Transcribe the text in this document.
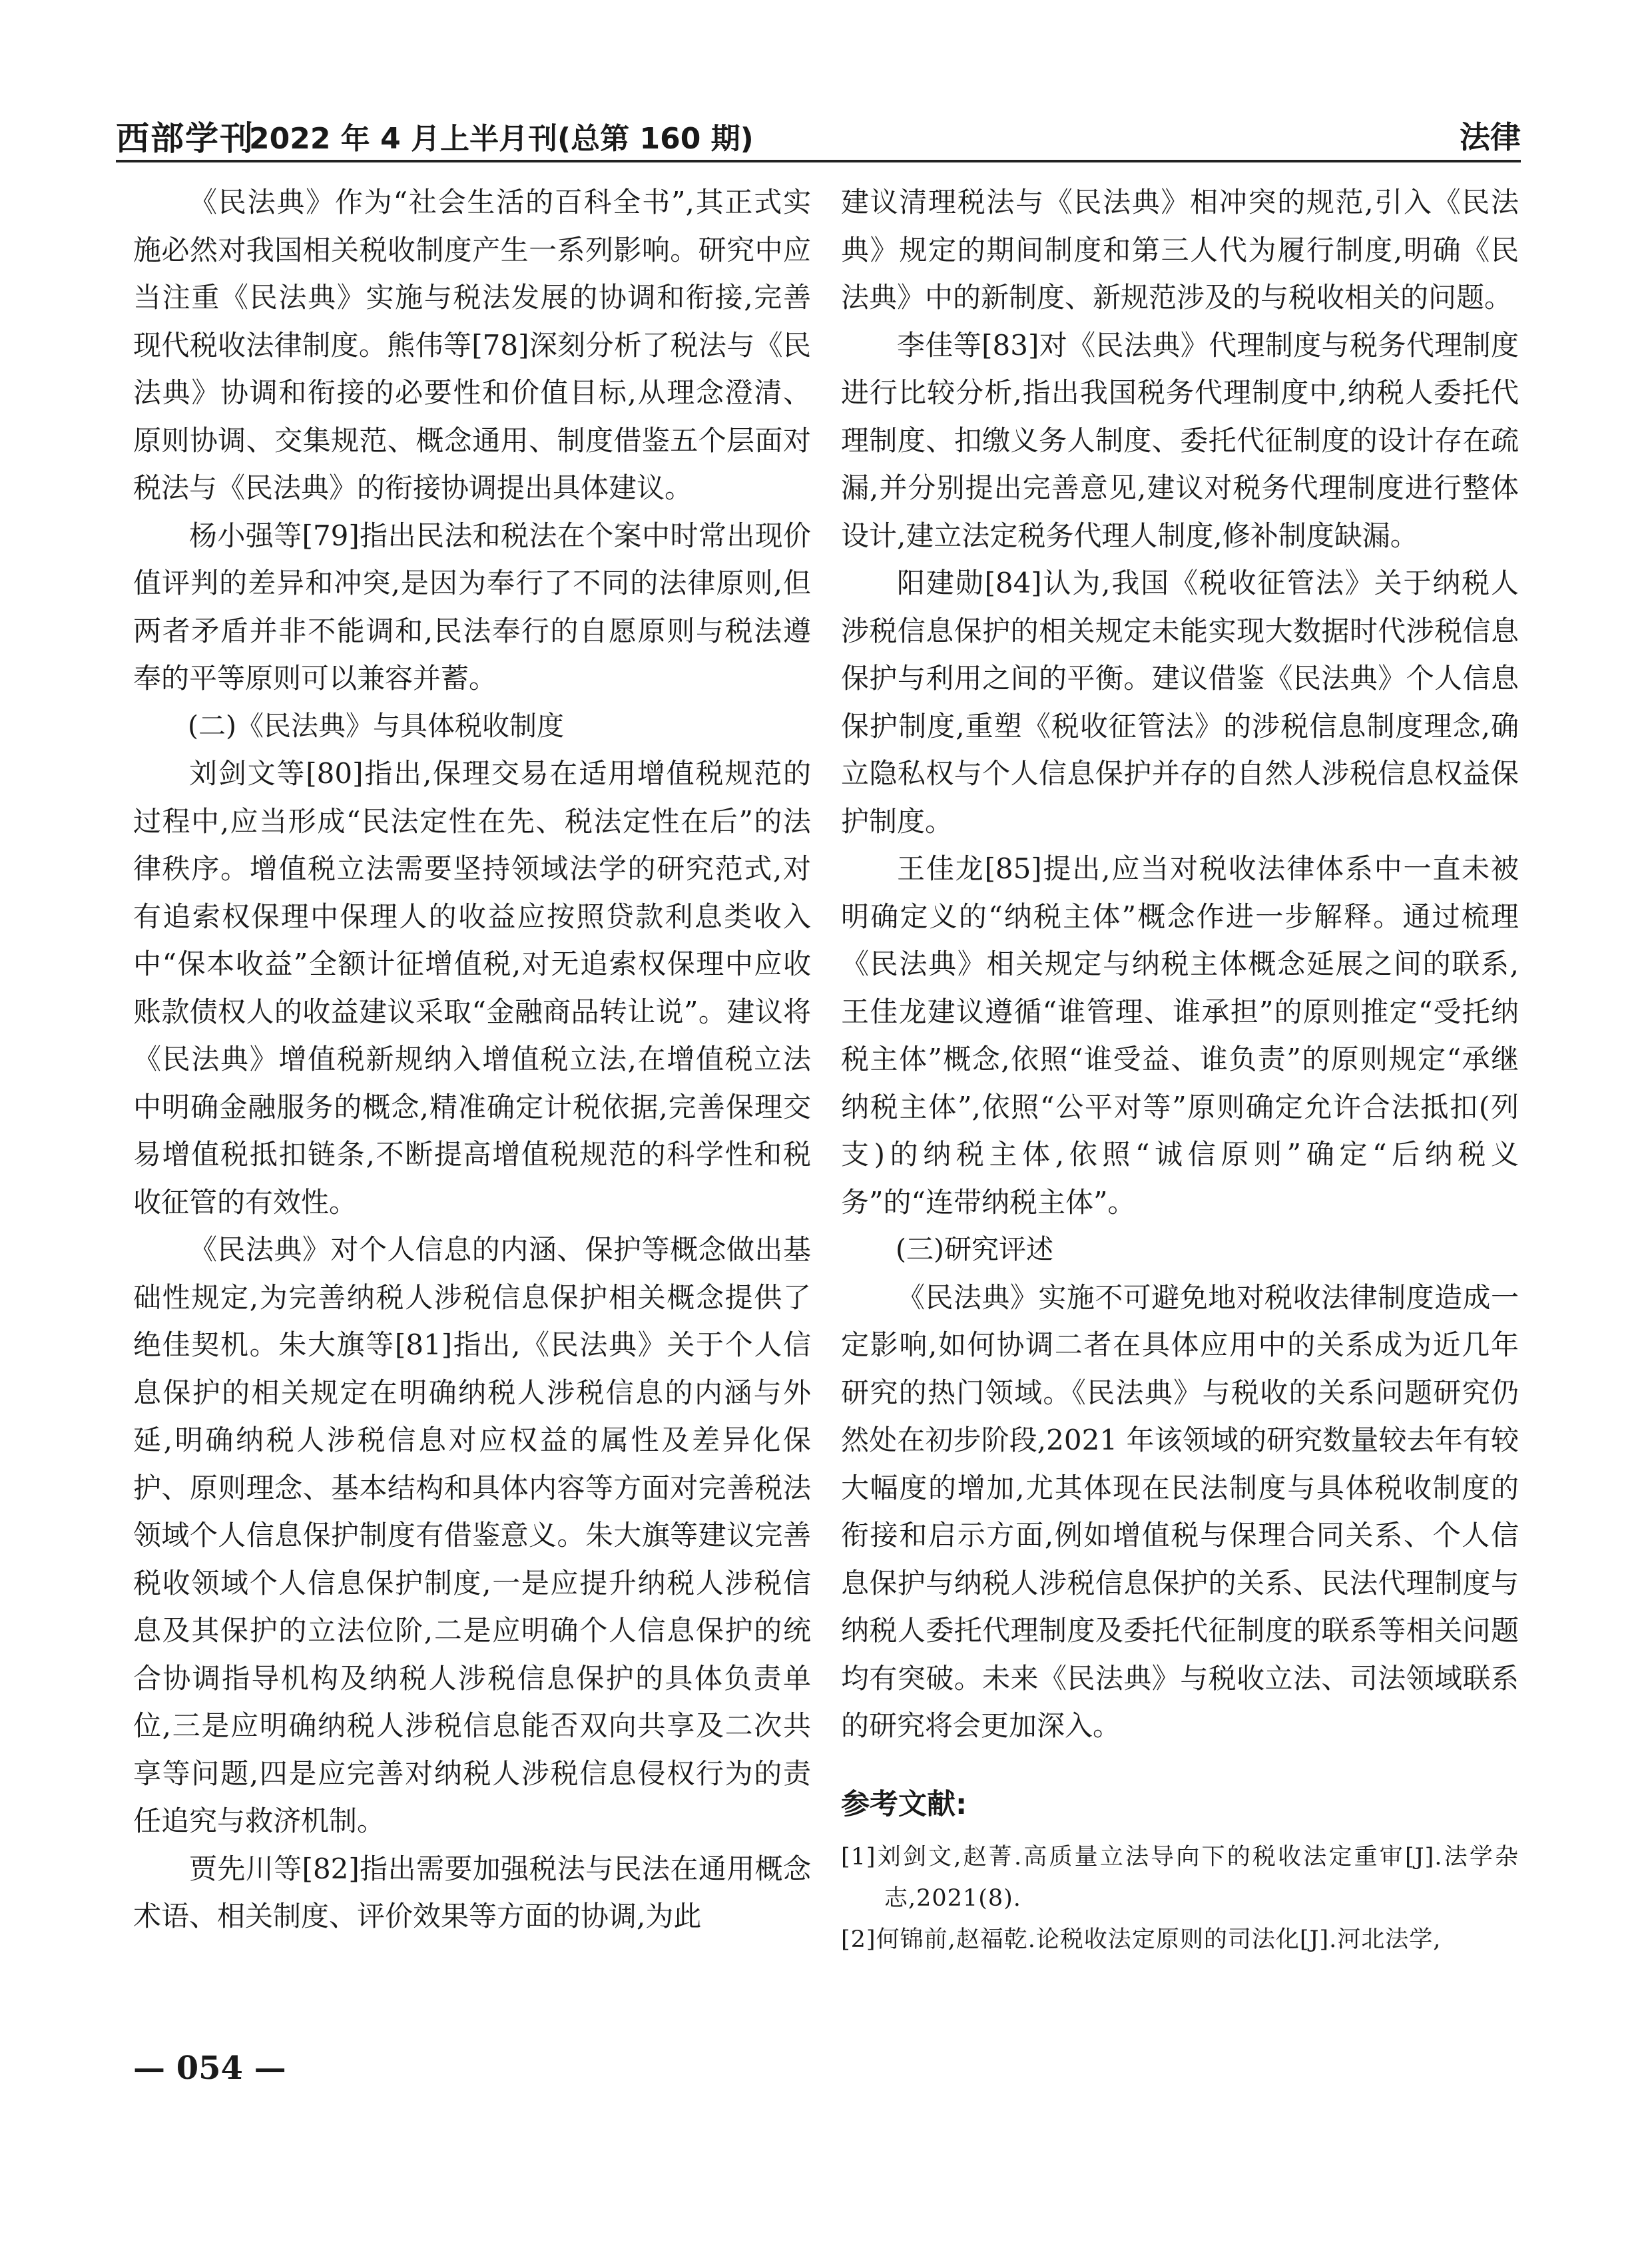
西部学刊
2022 年 4 月上半月刊(总第 160 期)	法律

《民法典》作为“社会生活的百科全书”,其正式实施必然对我国相关税收制度产生一系列影响。研究中应当注重《民法典》实施与税法发展的协调和衔接,完善现代税收法律制度。熊伟等[78]深刻分析了税法与《民法典》协调和衔接的必要性和价值目标,从理念澄清、原则协调、交集规范、概念通用、制度借鉴五个层面对税法与《民法典》的衔接协调提出具体建议。

杨小强等[79]指出民法和税法在个案中时常出现价值评判的差异和冲突,是因为奉行了不同的法律原则,但两者矛盾并非不能调和,民法奉行的自愿原则与税法遵奉的平等原则可以兼容并蓄。

(二)《民法典》与具体税收制度

刘剑文等[80]指出,保理交易在适用增值税规范的过程中,应当形成“民法定性在先、税法定性在后”的法律秩序。增值税立法需要坚持领域法学的研究范式,对有追索权保理中保理人的收益应按照贷款利息类收入中“保本收益”全额计征增值税,对无追索权保理中应收账款债权人的收益建议采取“金融商品转让说”。建议将《民法典》增值税新规纳入增值税立法,在增值税立法中明确金融服务的概念,精准确定计税依据,完善保理交易增值税抵扣链条,不断提高增值税规范的科学性和税收征管的有效性。

《民法典》对个人信息的内涵、保护等概念做出基础性规定,为完善纳税人涉税信息保护相关概念提供了绝佳契机。朱大旗等[81]指出,《民法典》关于个人信息保护的相关规定在明确纳税人涉税信息的内涵与外延,明确纳税人涉税信息对应权益的属性及差异化保护、原则理念、基本结构和具体内容等方面对完善税法领域个人信息保护制度有借鉴意义。朱大旗等建议完善税收领域个人信息保护制度,一是应提升纳税人涉税信息及其保护的立法位阶,二是应明确个人信息保护的统合协调指导机构及纳税人涉税信息保护的具体负责单位,三是应明确纳税人涉税信息能否双向共享及二次共享等问题,四是应完善对纳税人涉税信息侵权行为的责任追究与救济机制。

贾先川等[82]指出需要加强税法与民法在通用概念术语、相关制度、评价效果等方面的协调,为此

建议清理税法与《民法典》相冲突的规范,引入《民法典》规定的期间制度和第三人代为履行制度,明确《民法典》中的新制度、新规范涉及的与税收相关的问题。

李佳等[83]对《民法典》代理制度与税务代理制度进行比较分析,指出我国税务代理制度中,纳税人委托代理制度、扣缴义务人制度、委托代征制度的设计存在疏漏,并分别提出完善意见,建议对税务代理制度进行整体设计,建立法定税务代理人制度,修补制度缺漏。

阳建勋[84]认为,我国《税收征管法》关于纳税人涉税信息保护的相关规定未能实现大数据时代涉税信息保护与利用之间的平衡。建议借鉴《民法典》个人信息保护制度,重塑《税收征管法》的涉税信息制度理念,确立隐私权与个人信息保护并存的自然人涉税信息权益保护制度。

王佳龙[85]提出,应当对税收法律体系中一直未被明确定义的“纳税主体”概念作进一步解释。通过梳理《民法典》相关规定与纳税主体概念延展之间的联系,王佳龙建议遵循“谁管理、谁承担”的原则推定“受托纳税主体”概念,依照“谁受益、谁负责”的原则规定“承继纳税主体”,依照“公平对等”原则确定允许合法抵扣(列支)的纳税主体,依照“诚信原则”确定“后纳税义务”的“连带纳税主体”。

(三)研究评述

《民法典》实施不可避免地对税收法律制度造成一定影响,如何协调二者在具体应用中的关系成为近几年研究的热门领域。《民法典》与税收的关系问题研究仍然处在初步阶段,2021 年该领域的研究数量较去年有较大幅度的增加,尤其体现在民法制度与具体税收制度的衔接和启示方面,例如增值税与保理合同关系、个人信息保护与纳税人涉税信息保护的关系、民法代理制度与纳税人委托代理制度及委托代征制度的联系等相关问题均有突破。未来《民法典》与税收立法、司法领域联系的研究将会更加深入。

参考文献:
[1]刘剑文,赵菁.高质量立法导向下的税收法定重审[J].法学杂志,2021(8).
[2]何锦前,赵福乾.论税收法定原则的司法化[J].河北法学,
— 054 —
